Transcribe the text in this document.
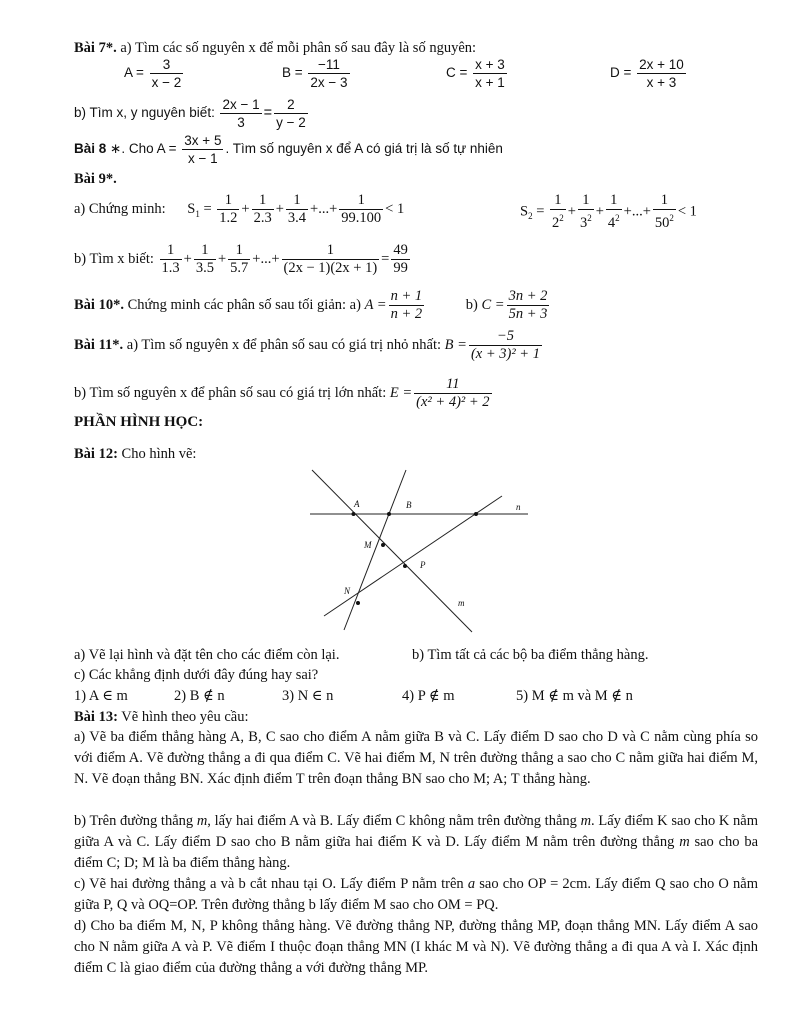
Bài 7*. a) Tìm các số nguyên x để mỗi phân số sau đây là số nguyên:
$A = \frac{3}{x - 2}$	$B = \frac{-11}{2x - 3}$	$C = \frac{x + 3}{x + 1}$	$D = \frac{2x + 10}{x + 3}$
b) Tìm x, y nguyên biết: $\frac{2x - 1}{3} = \frac{2}{y - 2}$
Bài 8 ∗. Cho $A = \frac{3x + 5}{x - 1}$ . Tìm số nguyên x để A có giá trị là số tự nhiên
Bài 9*.
a) Chứng minh: $S_1 = \frac{1}{1.2} + \frac{1}{2.3} + \frac{1}{3.4}$ +...+ $\frac{1}{99.100} < 1$	$S_2 = \frac{1}{2^2} + \frac{1}{3^2} + \frac{1}{4^2}$ +...+ $\frac{1}{50^2} < 1$
b) Tìm x biết: $\frac{1}{1.3} + \frac{1}{3.5} + \frac{1}{5.7}$ +...+ $\frac{1}{(2x - 1)(2x + 1)} = \frac{49}{99}$
Bài 10*. Chứng minh các phân số sau tối giản: a) $A = \frac{n + 1}{n + 2}$	b) $C = \frac{3n + 2}{5n + 3}$
Bài 11*. a) Tìm số nguyên x để phân số sau có giá trị nhỏ nhất: $B = \frac{-5}{\text{(x + 3)² + 1}}$
b) Tìm số nguyên x để phân số sau có giá trị lớn nhất: $E = \frac{11}{\text{(x² + 4)² + 2}}$
PHẦN HÌNH HỌC:
Bài 12: Cho hình vẽ:
A	B	n
M
P
N
m
a) Vẽ lại hình và đặt tên cho các điểm còn lại.	b) Tìm tất cả các bộ ba điểm thẳng hàng.
c) Các khẳng định dưới đây đúng hay sai?
1) A ∈ m	2) B ∉ n	3) N ∈ n	4) P ∉ m	5) M ∉ m và M ∉ n
Bài 13: Vẽ hình theo yêu cầu:
a) Vẽ ba điểm thẳng hàng A, B, C sao cho điểm A nằm giữa B và C. Lấy điểm D sao cho D và C nằm cùng phía so với điểm A. Vẽ đường thẳng a đi qua điểm C. Vẽ hai điểm M, N trên đường thẳng a sao cho C nằm giữa hai điểm M, N. Vẽ đoạn thẳng BN. Xác định điểm T trên đoạn thẳng BN sao cho M; A; T thẳng hàng.
b) Trên đường thẳng m, lấy hai điểm A và B. Lấy điểm C không nằm trên đường thẳng m. Lấy điểm K sao cho K nằm giữa A và C. Lấy điểm D sao cho B nằm giữa hai điểm K và D. Lấy điểm M nằm trên đường thẳng m sao cho ba điểm C; D; M là ba điểm thẳng hàng.
c) Vẽ hai đường thẳng a và b cắt nhau tại O. Lấy điểm P nằm trên a sao cho OP = 2cm. Lấy điểm Q sao cho O nằm giữa P, Q và OQ=OP. Trên đường thẳng b lấy điểm M sao cho OM = PQ.
d) Cho ba điểm M, N, P không thẳng hàng. Vẽ đường thẳng NP, đường thẳng MP, đoạn thẳng MN. Lấy điểm A sao cho N nằm giữa A và P. Vẽ điểm I thuộc đoạn thẳng MN (I khác M và N). Vẽ đường thẳng a đi qua A và I. Xác định điểm C là giao điểm của đường thẳng a với đường thẳng MP.
